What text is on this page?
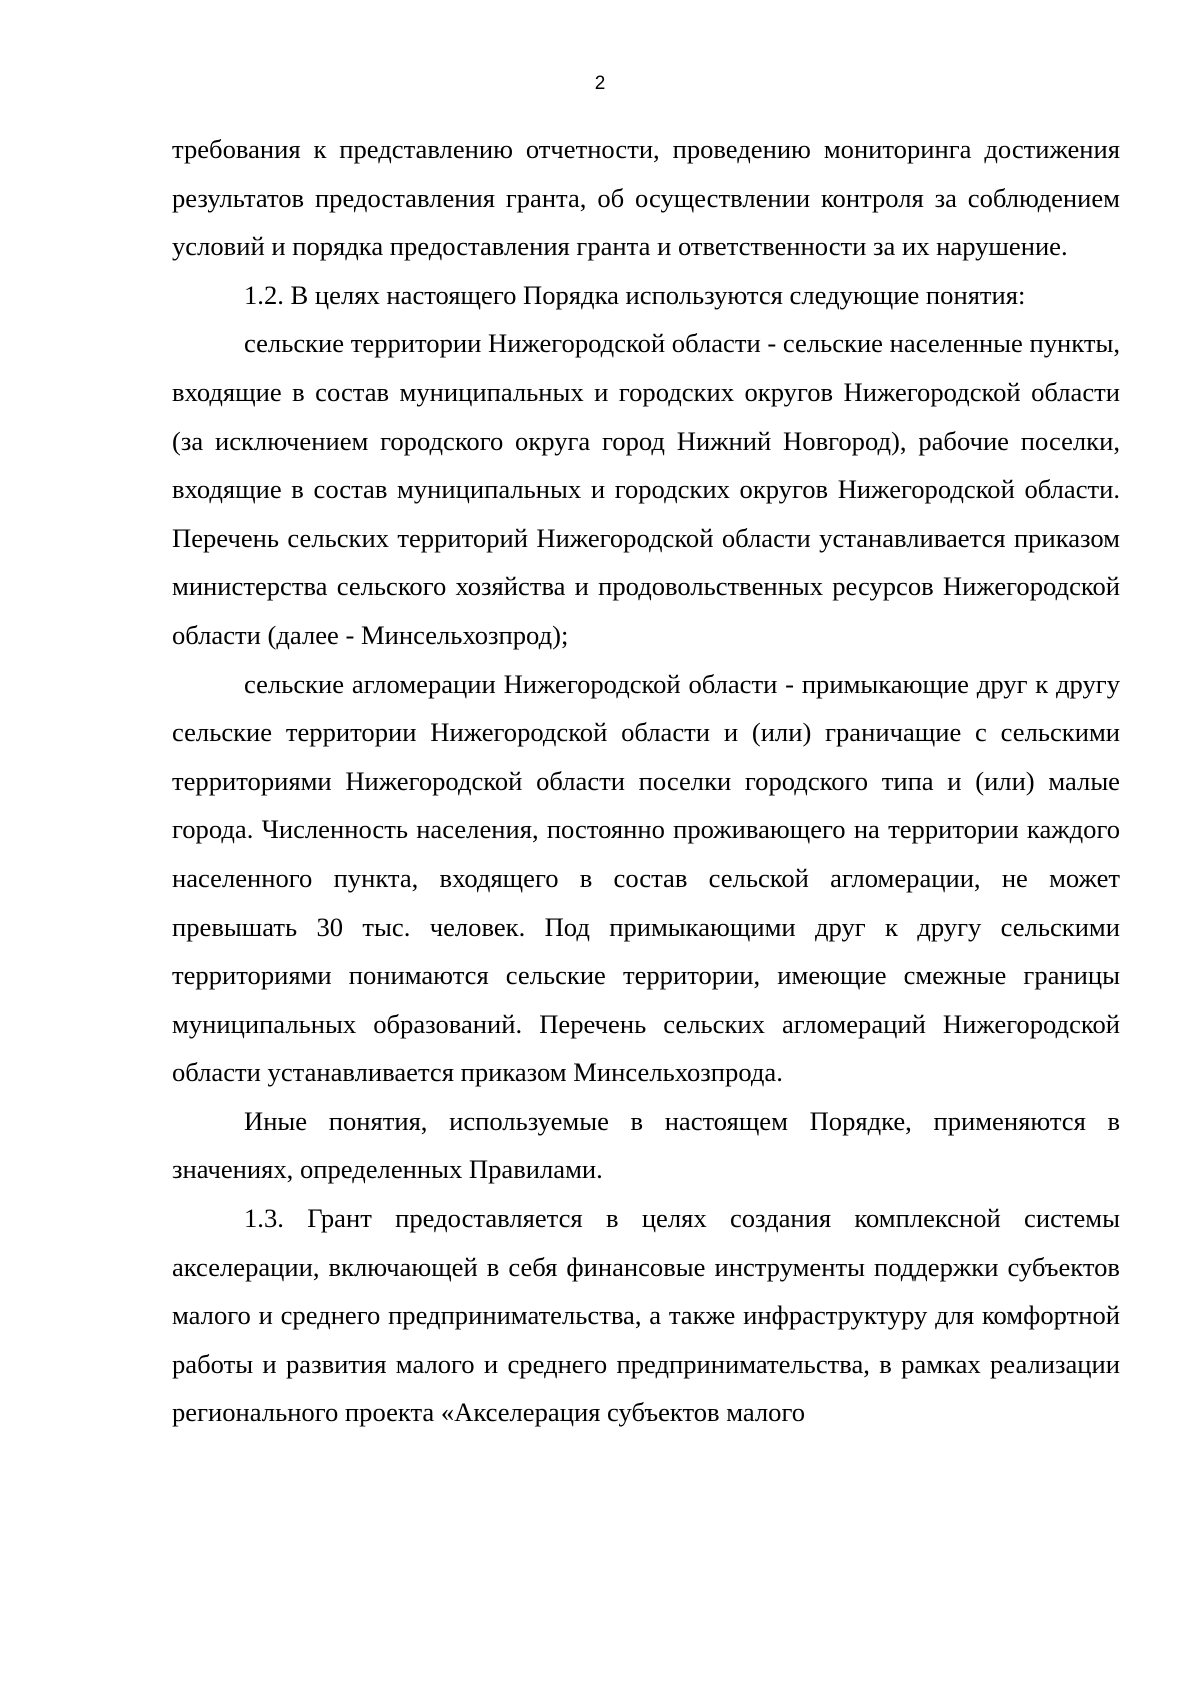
2

требования к представлению отчетности, проведению мониторинга достижения результатов предоставления гранта, об осуществлении контроля за соблюдением условий и порядка предоставления гранта и ответственности за их нарушение.

1.2. В целях настоящего Порядка используются следующие понятия:

сельские территории Нижегородской области - сельские населенные пункты, входящие в состав муниципальных и городских округов Нижегородской области (за исключением городского округа город Нижний Новгород), рабочие поселки, входящие в состав муниципальных и городских округов Нижегородской области. Перечень сельских территорий Нижегородской области устанавливается приказом министерства сельского хозяйства и продовольственных ресурсов Нижегородской области (далее - Минсельхозпрод);

сельские агломерации Нижегородской области - примыкающие друг к другу сельские территории Нижегородской области и (или) граничащие с сельскими территориями Нижегородской области поселки городского типа и (или) малые города. Численность населения, постоянно проживающего на территории каждого населенного пункта, входящего в состав сельской агломерации, не может превышать 30 тыс. человек. Под примыкающими друг к другу сельскими территориями понимаются сельские территории, имеющие смежные границы муниципальных образований. Перечень сельских агломераций Нижегородской области устанавливается приказом Минсельхозпрода.

Иные понятия, используемые в настоящем Порядке, применяются в значениях, определенных Правилами.

1.3. Грант предоставляется в целях создания комплексной системы акселерации, включающей в себя финансовые инструменты поддержки субъектов малого и среднего предпринимательства, а также инфраструктуру для комфортной работы и развития малого и среднего предпринимательства, в рамках реализации регионального проекта «Акселерация субъектов малого
